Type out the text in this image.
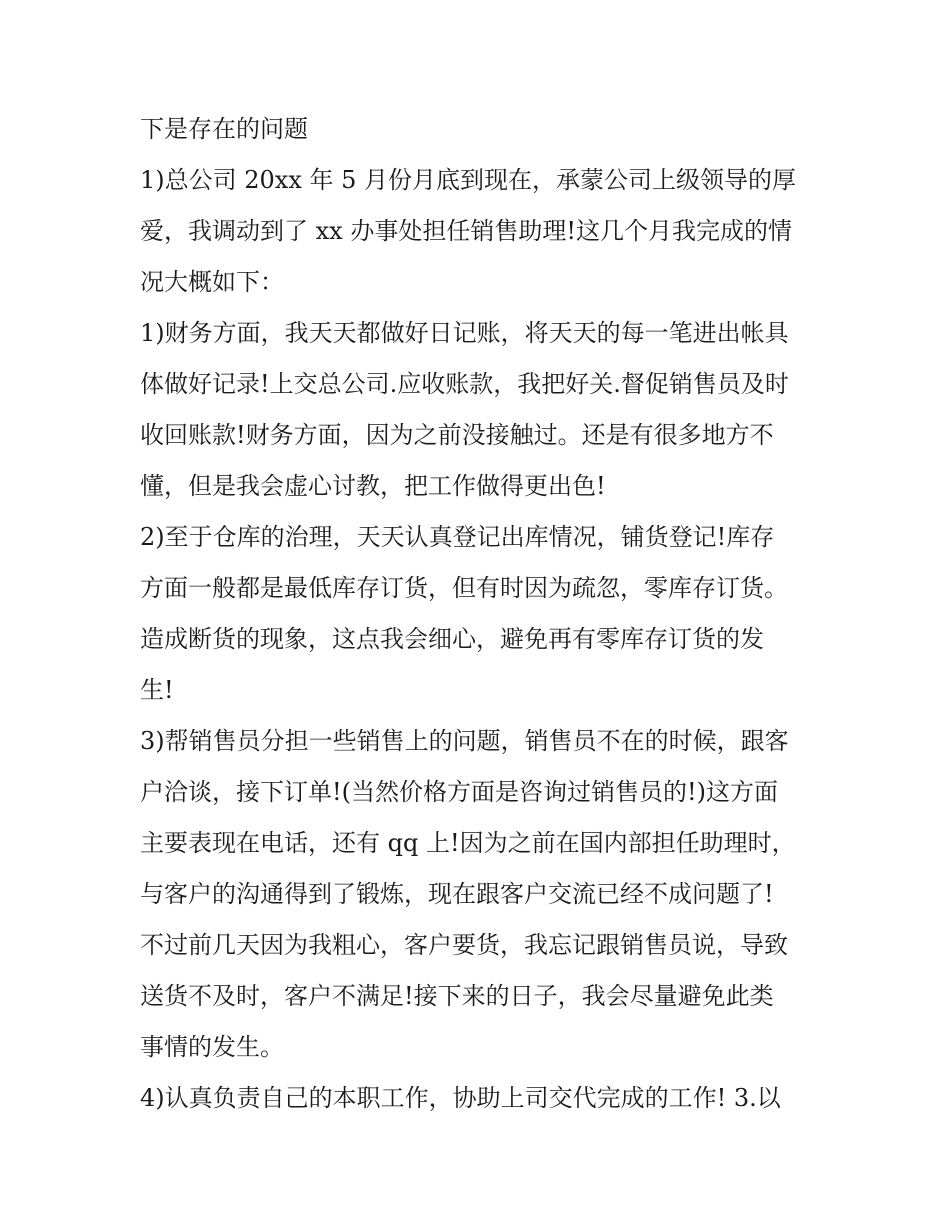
下是存在的问题
1)总公司 20xx 年 5 月份月底到现在，承蒙公司上级领导的厚
爱，我调动到了 xx 办事处担任销售助理!这几个月我完成的情
况大概如下：
1)财务方面，我天天都做好日记账，将天天的每一笔进出帐具
体做好记录!上交总公司.应收账款，我把好关.督促销售员及时
收回账款!财务方面，因为之前没接触过。还是有很多地方不
懂，但是我会虚心讨教，把工作做得更出色!
2)至于仓库的治理，天天认真登记出库情况，铺货登记!库存
方面一般都是最低库存订货，但有时因为疏忽，零库存订货。
造成断货的现象，这点我会细心，避免再有零库存订货的发
生!
3)帮销售员分担一些销售上的问题，销售员不在的时候，跟客
户洽谈，接下订单!(当然价格方面是咨询过销售员的!)这方面
主要表现在电话，还有 qq 上!因为之前在国内部担任助理时，
与客户的沟通得到了锻炼，现在跟客户交流已经不成问题了!
不过前几天因为我粗心，客户要货，我忘记跟销售员说，导致
送货不及时，客户不满足!接下来的日子，我会尽量避免此类
事情的发生。
4)认真负责自己的本职工作，协助上司交代完成的工作! 3.以
